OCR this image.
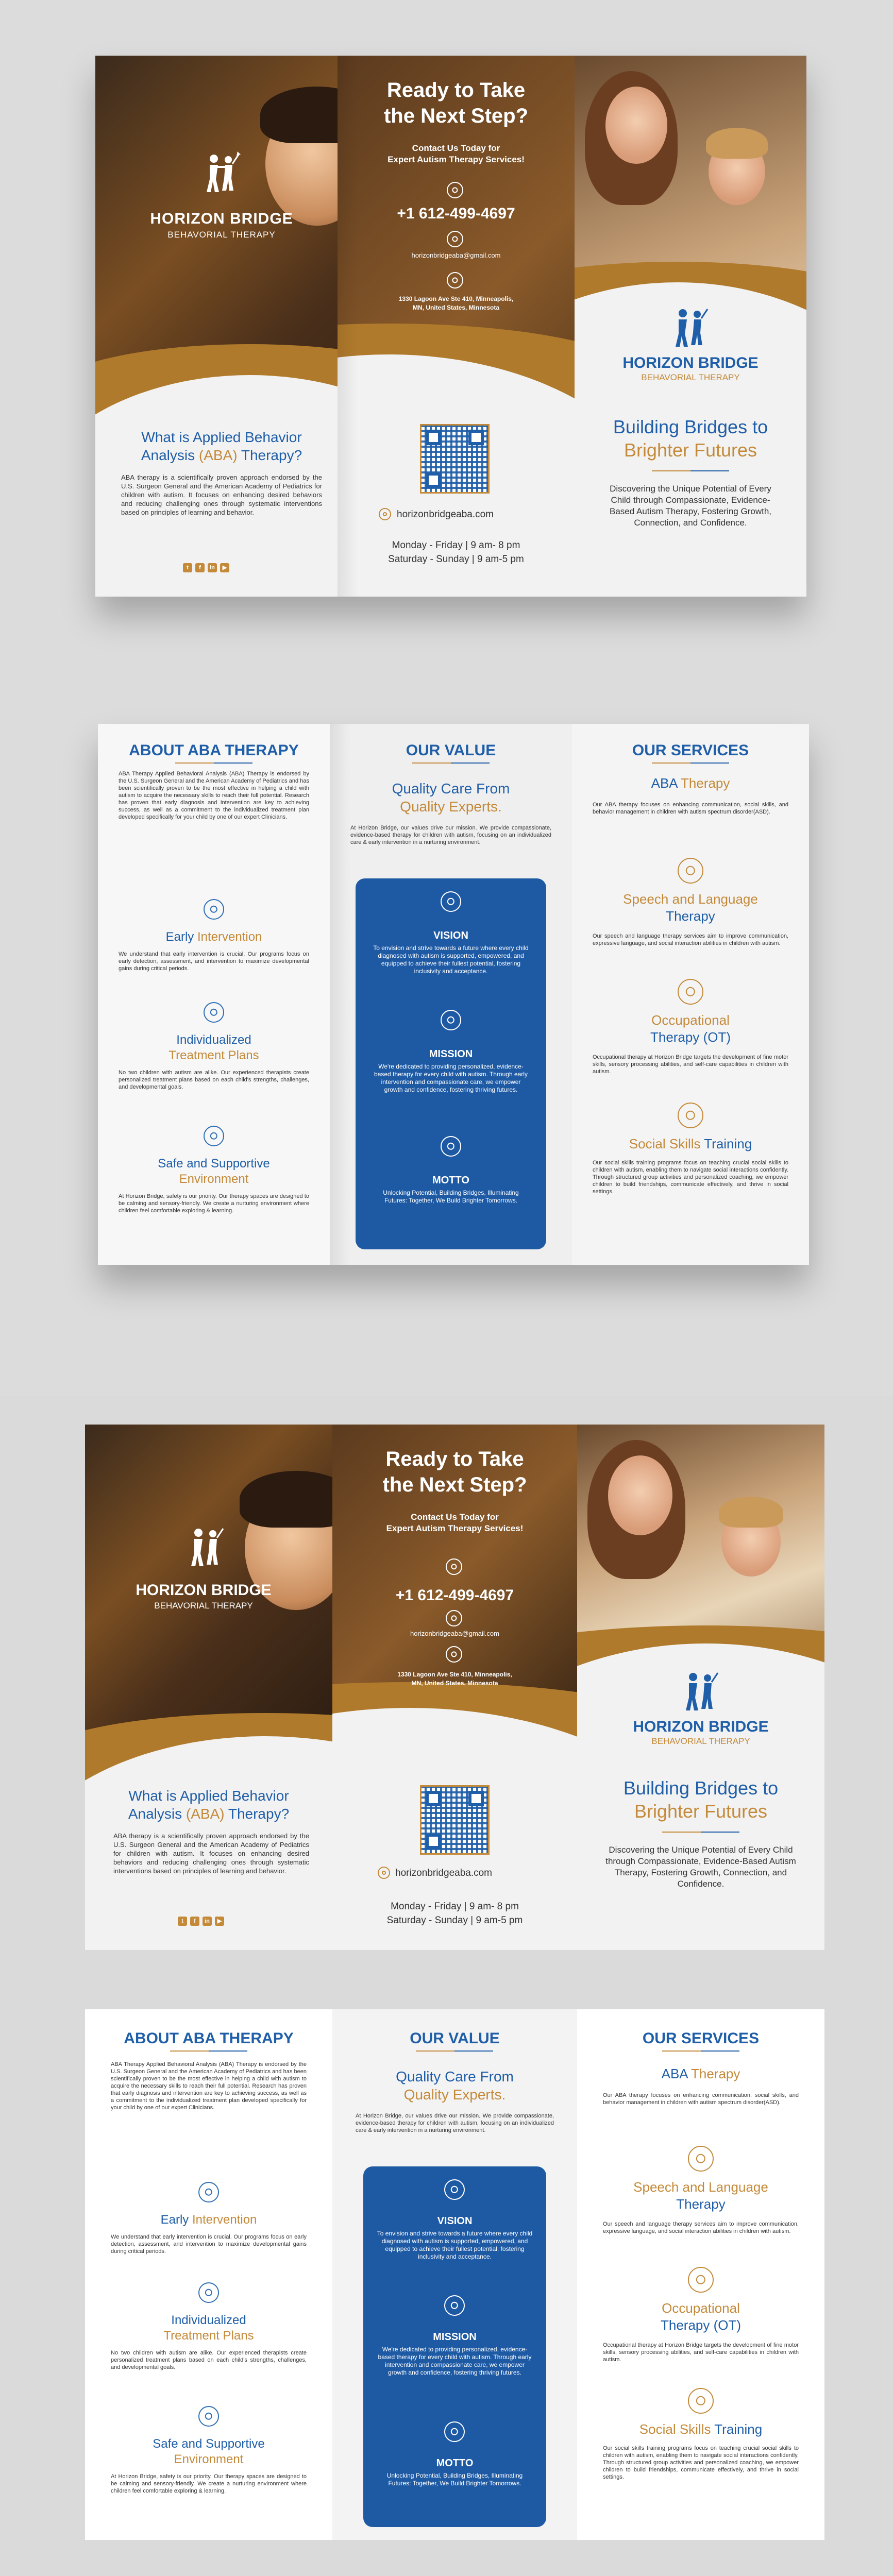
HORIZON BRIDGE
BEHAVORIAL THERAPY
What is Applied Behavior
Analysis (ABA) Therapy?
ABA therapy is a scientifically proven approach endorsed by the U.S. Surgeon General and the American Academy of Pediatrics for children with autism. It focuses on enhancing desired behaviors and reducing challenging ones through systematic interventions based on principles of learning and behavior.
t	f	in	▶
Ready to Take
the Next Step?
Contact Us Today for
Expert Autism Therapy Services!
+1 612-499-4697
horizonbridgeaba@gmail.com
1330 Lagoon Ave Ste 410, Minneapolis,
MN, United States, Minnesota
horizonbridgeaba.com
Monday - Friday | 9 am- 8 pm
Saturday - Sunday | 9 am-5 pm
HORIZON BRIDGE
BEHAVORIAL THERAPY
Building Bridges to
Brighter Futures
Discovering the Unique Potential of Every Child through Compassionate, Evidence-Based Autism Therapy, Fostering Growth, Connection, and Confidence.
ABOUT ABA THERAPY
ABA Therapy Applied Behavioral Analysis (ABA) Therapy is endorsed by the U.S. Surgeon General and the American Academy of Pediatrics and has been scientifically proven to be the most effective in helping a child with autism to acquire the necessary skills to reach their full potential. Research has proven that early diagnosis and intervention are key to achieving success, as well as a commitment to the individualized treatment plan developed specifically for your child by one of our expert Clinicians.
Early Intervention
We understand that early intervention is crucial. Our programs focus on early detection, assessment, and intervention to maximize developmental gains during critical periods.
Individualized
Treatment Plans
No two children with autism are alike. Our experienced therapists create personalized treatment plans based on each child's strengths, challenges, and developmental goals.
Safe and Supportive
Environment
At Horizon Bridge, safety is our priority. Our therapy spaces are designed to be calming and sensory-friendly. We create a nurturing environment where children feel comfortable exploring & learning.
OUR VALUE
Quality Care From
Quality Experts.
At Horizon Bridge, our values drive our mission. We provide compassionate, evidence-based therapy for children with autism, focusing on an individualized care & early intervention in a nurturing environment.
VISION
To envision and strive towards a future where every child diagnosed with autism is supported, empowered, and equipped to achieve their fullest potential, fostering inclusivity and acceptance.
MISSION
We're dedicated to providing personalized, evidence-based therapy for every child with autism. Through early intervention and compassionate care, we empower growth and confidence, fostering thriving futures.
MOTTO
Unlocking Potential, Building Bridges, Illuminating Futures: Together, We Build Brighter Tomorrows.
OUR SERVICES
ABA Therapy
Our ABA therapy focuses on enhancing communication, social skills, and behavior management in children with autism spectrum disorder(ASD).
Speech and Language
Therapy
Our speech and language therapy services aim to improve communication, expressive language, and social interaction abilities in children with autism.
Occupational
Therapy (OT)
Occupational therapy at Horizon Bridge targets the development of fine motor skills, sensory processing abilities, and self-care capabilities in children with autism.
Social Skills Training
Our social skills training programs focus on teaching crucial social skills to children with autism, enabling them to navigate social interactions confidently. Through structured group activities and personalized coaching, we empower children to build friendships, communicate effectively, and thrive in social settings.
HORIZON BRIDGE
BEHAVORIAL THERAPY
What is Applied Behavior
Analysis (ABA) Therapy?
ABA therapy is a scientifically proven approach endorsed by the U.S. Surgeon General and the American Academy of Pediatrics for children with autism. It focuses on enhancing desired behaviors and reducing challenging ones through systematic interventions based on principles of learning and behavior.
t	f	in	▶
Ready to Take
the Next Step?
Contact Us Today for
Expert Autism Therapy Services!
+1 612-499-4697
horizonbridgeaba@gmail.com
1330 Lagoon Ave Ste 410, Minneapolis,
MN, United States, Minnesota
horizonbridgeaba.com
Monday - Friday | 9 am- 8 pm
Saturday - Sunday | 9 am-5 pm
HORIZON BRIDGE
BEHAVORIAL THERAPY
Building Bridges to
Brighter Futures
Discovering the Unique Potential of Every Child through Compassionate, Evidence-Based Autism Therapy, Fostering Growth, Connection, and Confidence.
ABOUT ABA THERAPY
ABA Therapy Applied Behavioral Analysis (ABA) Therapy is endorsed by the U.S. Surgeon General and the American Academy of Pediatrics and has been scientifically proven to be the most effective in helping a child with autism to acquire the necessary skills to reach their full potential. Research has proven that early diagnosis and intervention are key to achieving success, as well as a commitment to the individualized treatment plan developed specifically for your child by one of our expert Clinicians.
Early Intervention
We understand that early intervention is crucial. Our programs focus on early detection, assessment, and intervention to maximize developmental gains during critical periods.
Individualized
Treatment Plans
No two children with autism are alike. Our experienced therapists create personalized treatment plans based on each child's strengths, challenges, and developmental goals.
Safe and Supportive
Environment
At Horizon Bridge, safety is our priority. Our therapy spaces are designed to be calming and sensory-friendly. We create a nurturing environment where children feel comfortable exploring & learning.
OUR VALUE
Quality Care From
Quality Experts.
At Horizon Bridge, our values drive our mission. We provide compassionate, evidence-based therapy for children with autism, focusing on an individualized care & early intervention in a nurturing environment.
VISION
To envision and strive towards a future where every child diagnosed with autism is supported, empowered, and equipped to achieve their fullest potential, fostering inclusivity and acceptance.
MISSION
We're dedicated to providing personalized, evidence-based therapy for every child with autism. Through early intervention and compassionate care, we empower growth and confidence, fostering thriving futures.
MOTTO
Unlocking Potential, Building Bridges, Illuminating Futures: Together, We Build Brighter Tomorrows.
OUR SERVICES
ABA Therapy
Our ABA therapy focuses on enhancing communication, social skills, and behavior management in children with autism spectrum disorder(ASD).
Speech and Language
Therapy
Our speech and language therapy services aim to improve communication, expressive language, and social interaction abilities in children with autism.
Occupational
Therapy (OT)
Occupational therapy at Horizon Bridge targets the development of fine motor skills, sensory processing abilities, and self-care capabilities in children with autism.
Social Skills Training
Our social skills training programs focus on teaching crucial social skills to children with autism, enabling them to navigate social interactions confidently. Through structured group activities and personalized coaching, we empower children to build friendships, communicate effectively, and thrive in social settings.
